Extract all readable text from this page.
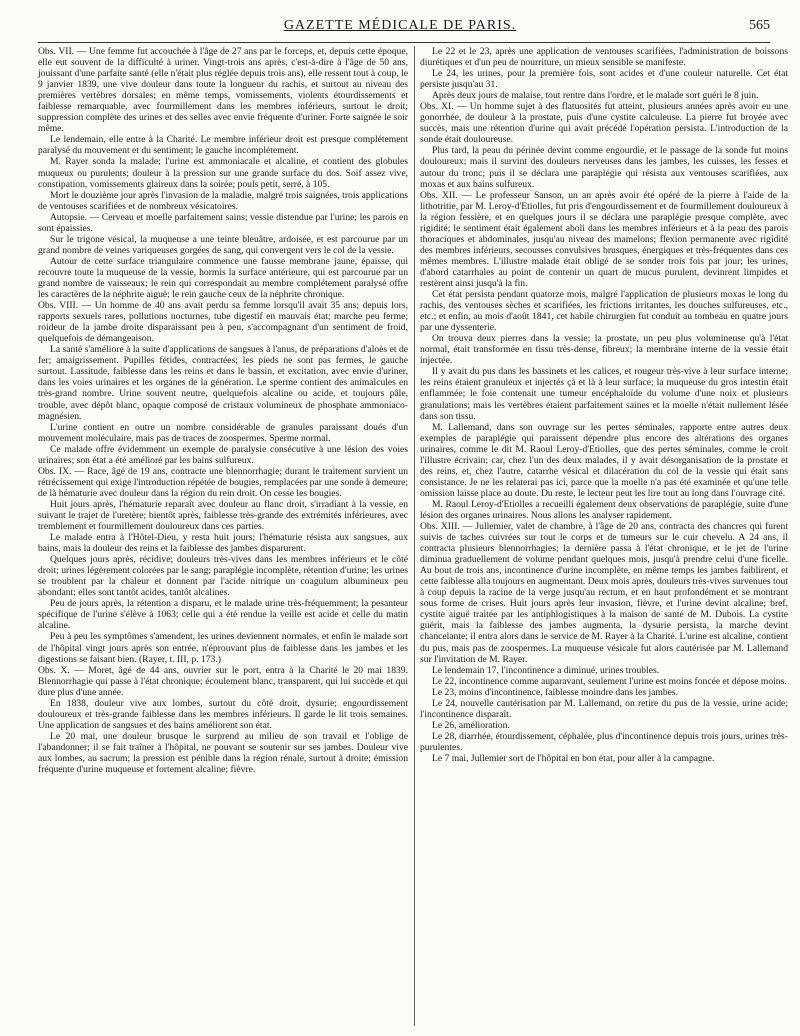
GAZETTE MÉDICALE DE PARIS.	565

Obs. VII. — Une femme fut accouchée à l'âge de 27 ans par le forceps, et, depuis cette époque, elle eut souvent de la difficulté à uriner. Vingt-trois ans après, c'est-à-dire à l'âge de 50 ans, jouissant d'une parfaite santé (elle n'était plus réglée depuis trois ans), elle ressent tout à coup, le 9 janvier 1839, une vive douleur dans toute la longueur du rachis, et surtout au niveau des premières vertèbres dorsales; en même temps, vomissements, violents étourdissements et faiblesse remarquable, avec fourmillement dans les membres inférieurs, surtout le droit; suppression complète des urines et des selles avec envie fréquente d'uriner. Forte saignée le soir même.

Le lendemain, elle entre à la Charité. Le membre inférieur droit est presque complétement paralysé du mouvement et du sentiment; le gauche incomplétement.

M. Rayer sonda la malade; l'urine est ammoniacale et alcaline, et contient des globules muqueux ou purulents; douleur à la pression sur une grande surface du dos. Soif assez vive, constipation, vomissements glaireux dans la soirée; pouls petit, serré, à 105.

Mort le douzième jour après l'invasion de la maladie, malgré trois saignées, trois applications de ventouses scarifiées et de nombreux vésicatoires.

Autopsie. — Cerveau et moelle parfaitement sains; vessie distendue par l'urine; les parois en sont épaissies.

Sur le trigone vésical, la muqueuse a une teinte bleuâtre, ardoisée, et est parcourue par un grand nombre de veines variqueuses gorgées de sang, qui convergent vers le col de la vessie.

Autour de cette surface triangulaire commence une fausse membrane jaune, épaisse, qui recouvre toute la muqueuse de la vessie, hormis la surface antérieure, qui est parcourue par un grand nombre de vaisseaux; le rein qui correspondait au membre complétement paralysé offre les caractères de la néphrite aiguë; le rein gauche ceux de la néphrite chronique.

Obs. VIII. — Un homme de 40 ans avait perdu sa femme lorsqu'il avait 35 ans; depuis lors, rapports sexuels rares, pollutions nocturnes, tube digestif en mauvais état; marche peu ferme; roideur de la jambe droite disparaissant peu à peu, s'accompagnant d'un sentiment de froid, quelquefois de démangeaison.

La santé s'améliore à la suite d'applications de sangsues à l'anus, de préparations d'aloès et de fer; amaigrissement. Pupilles fétides, contractées; les pieds ne sont pas fermes, le gauche surtout. Lassitude, faiblesse dans les reins et dans le bassin, et excitation, avec envie d'uriner, dans les voies urinaires et les organes de la génération. Le sperme contient des animalcules en très-grand nombre. Urine souvent neutre, quelquefois alcaline ou acide, et toujours pâle, trouble, avec dépôt blanc, opaque composé de cristaux volumineux de phosphate ammoniaco-magnésien.

L'urine contient en outre un nombre considérable de granules paraissant doués d'un mouvement moléculaire, mais pas de traces de zoospermes. Sperme normal.

Ce malade offre évidemment un exemple de paralysie consécutive à une lésion des voies urinaires; son état a été amélioré par les bains sulfureux.

Obs. IX. — Race, âgé de 19 ans, contracte une blennorrhagie; durant le traitement survient un rétrécissement qui exige l'introduction répétée de bougies, remplacées par une sonde à demeure; de là hématurie avec douleur dans la région du rein droit. On cesse les bougies.

Huit jours après, l'hématurie reparaît avec douleur au flanc droit, s'irradiant à la vessie, en suivant le trajet de l'uretère; bientôt après, faiblesse très-grande des extrémités inférieures, avec tremblement et fourmillement douloureux dans ces parties.

Le malade entra à l'Hôtel-Dieu, y resta huit jours; l'hématurie résista aux sangsues, aux bains, mais la douleur des reins et la faiblesse des jambes disparurent.

Quelques jours après, récidive; douleurs très-vives dans les membres inférieurs et le côté droit; urines légèrement colorées par le sang; paraplégie incomplète, rétention d'urine; les urines se troublent par la chaleur et donnent par l'acide nitrique un coagulum albumineux peu abondant; elles sont tantôt acides, tantôt alcalines.

Peu de jours après, la rétention a disparu, et le malade urine très-fréquemment; la pesanteur spécifique de l'urine s'élève à 1063; celle qui a été rendue la veille est acide et celle du matin alcaline.

Peu à peu les symptômes s'amendent, les urines deviennent normales, et enfin le malade sort de l'hôpital vingt jours après son entrée, n'éprouvant plus de faiblesse dans les jambes et les digestions se faisant bien. (Rayer, t. III, p. 173.)

Obs. X. — Moret, âgé de 44 ans, ouvrier sur le port, entra à la Charité le 20 mai 1839. Blennorrhagie qui passe à l'état chronique; écoulement blanc, transparent, qui lui succède et qui dure plus d'une année.

En 1838, douleur vive aux lombes, surtout du côté droit, dysurie; engourdissement douloureux et très-grande faiblesse dans les membres inférieurs. Il garde le lit trois semaines. Une application de sangsues et des bains améliorent son état.

Le 20 mai, une douleur brusque le surprend au milieu de son travail et l'oblige de l'abandonner; il se fait traîner à l'hôpital, ne pouvant se soutenir sur ses jambes. Douleur vive aux lombes, au sacrum; la pression est pénible dans la région rénale, surtout à droite; émission fréquente d'urine muqueuse et fortement alcaline; fièvre.

Le 22 et le 23, après une application de ventouses scarifiées, l'administration de boissons diurétiques et d'un peu de nourriture, un mieux sensible se manifeste.

Le 24, les urines, pour la première fois, sont acides et d'une couleur naturelle. Cet état persiste jusqu'au 31.

Après deux jours de malaise, tout rentre dans l'ordre, et le malade sort guéri le 8 juin.

Obs. XI. — Un homme sujet à des flatuosités fut atteint, plusieurs années après avoir eu une gonorrhée, de douleur à la prostate, puis d'une cystite calculeuse. La pierre fut broyée avec succès, mais une rétention d'urine qui avait précédé l'opération persista. L'introduction de la sonde était douloureuse.

Plus tard, la peau du périnée devint comme engourdie, et le passage de la sonde fut moins douloureux; mais il survint des douleurs nerveuses dans les jambes, les cuisses, les fesses et autour du tronc; puis il se déclara une paraplégie qui résista aux ventouses scarifiées, aux moxas et aux bains sulfureux.

Obs. XII. — Le professeur Sanson, un an après avoir été opéré de la pierre à l'aide de la lithotritie, par M. Leroy-d'Etiolles, fut pris d'engourdissement et de fourmillement douloureux à la région fessière, et en quelques jours il se déclara une paraplégie presque complète, avec rigidité; le sentiment était également aboli dans les membres inférieurs et à la peau des parois thoraciques et abdominales, jusqu'au niveau des mamelons; flexion permanente avec rigidité des membres inférieurs, secousses convulsives brusques, énergiques et très-fréquentes dans ces mêmes membres. L'illustre malade était obligé de se sonder trois fois par jour; les urines, d'abord catarrhales au point de contenir un quart de mucus purulent, devinrent limpides et restèrent ainsi jusqu'à la fin.

Cet état persista pendant quatorze mois, malgré l'application de plusieurs moxas le long du rachis, des ventouses sèches et scarifiées, les frictions irritantes, les douches sulfureuses, etc., etc.; et enfin, au mois d'août 1841, cet habile chirurgien fut conduit au tombeau en quatre jours par une dyssenterie.

On trouva deux pierres dans la vessie; la prostate, un peu plus volumineuse qu'à l'état normal, était transformée en tissu très-dense, fibreux; la membrane interne de la vessie était injectée.

Il y avait du pus dans les bassinets et les calices, et rougeur très-vive à leur surface interne; les reins étaient granuleux et injectés çà et là à leur surface; la muqueuse du gros intestin était enflammée; le foie contenait une tumeur encéphaloïde du volume d'une noix et plusieurs granulations; mais les vertèbres étaient parfaitement saines et la moelle n'était nullement lésée dans son tissu.

M. Lallemand, dans son ouvrage sur les pertes séminales, rapporte entre autres deux exemples de paraplégie qui paraissent dépendre plus encore des altérations des organes urinaires, comme le dit M. Raoul Leroy-d'Etiolles, que des pertes séminales, comme le croit l'illustre écrivain; car, chez l'un des deux malades, il y avait désorganisation de la prostate et des reins, et, chez l'autre, catarrhe vésical et dilacération du col de la vessie qui était sans consistance. Je ne les relaterai pas ici, parce que la moelle n'a pas été examinée et qu'une telle omission laisse place au doute. Du reste, le lecteur peut les lire tout au long dans l'ouvrage cité.

M. Raoul Leroy-d'Etiolles a recueilli également deux observations de paraplégie, suite d'une lésion des organes urinaires. Nous allons les analyser rapidement.

Obs. XIII. — Jullemier, valet de chambre, à l'âge de 20 ans, contracta des chancres qui furent suivis de taches cuivrées sur tout le corps et de tumeurs sur le cuir chevelu. A 24 ans, il contracta plusieurs blennorrhagies; la dernière passa à l'état chronique, et le jet de l'urine diminua graduellement de volume pendant quelques mois, jusqu'à prendre celui d'une ficelle. Au bout de trois ans, incontinence d'urine incomplète, en même temps les jambes faiblirent, et cette faiblesse alla toujours en augmentant. Deux mois après, douleurs très-vives survenues tout à coup depuis la racine de la verge jusqu'au rectum, et en haut profondément et se montrant sous forme de crises. Huit jours après leur invasion, fièvre, et l'urine devint alcaline; bref, cystite aiguë traitée par les antiphlogistiques à la maison de santé de M. Dubois. La cystite guérit, mais la faiblesse des jambes augmenta, la dysurie persista, la marche devint chancelante; il entra alors dans le service de M. Rayer à la Charité. L'urine est alcaline, contient du pus, mais pas de zoospermes. La muqueuse vésicale fut alors cautérisée par M. Lallemand sur l'invitation de M. Rayer.

Le lendemain 17, l'incontinence a diminué, urines troubles.

Le 22, incontinence comme auparavant, seulement l'urine est moins foncée et dépose moins.

Le 23, moins d'incontinence, faiblesse moindre dans les jambes.

Le 24, nouvelle cautérisation par M. Lallemand, on retire du pus de la vessie, urine acide; l'incontinence disparaît.

Le 26, amélioration.

Le 28, diarrhée, étourdissement, céphalée, plus d'incontinence depuis trois jours, urines très-purulentes.

Le 7 mai, Jullemier sort de l'hôpital en bon état, pour aller à la campagne.
